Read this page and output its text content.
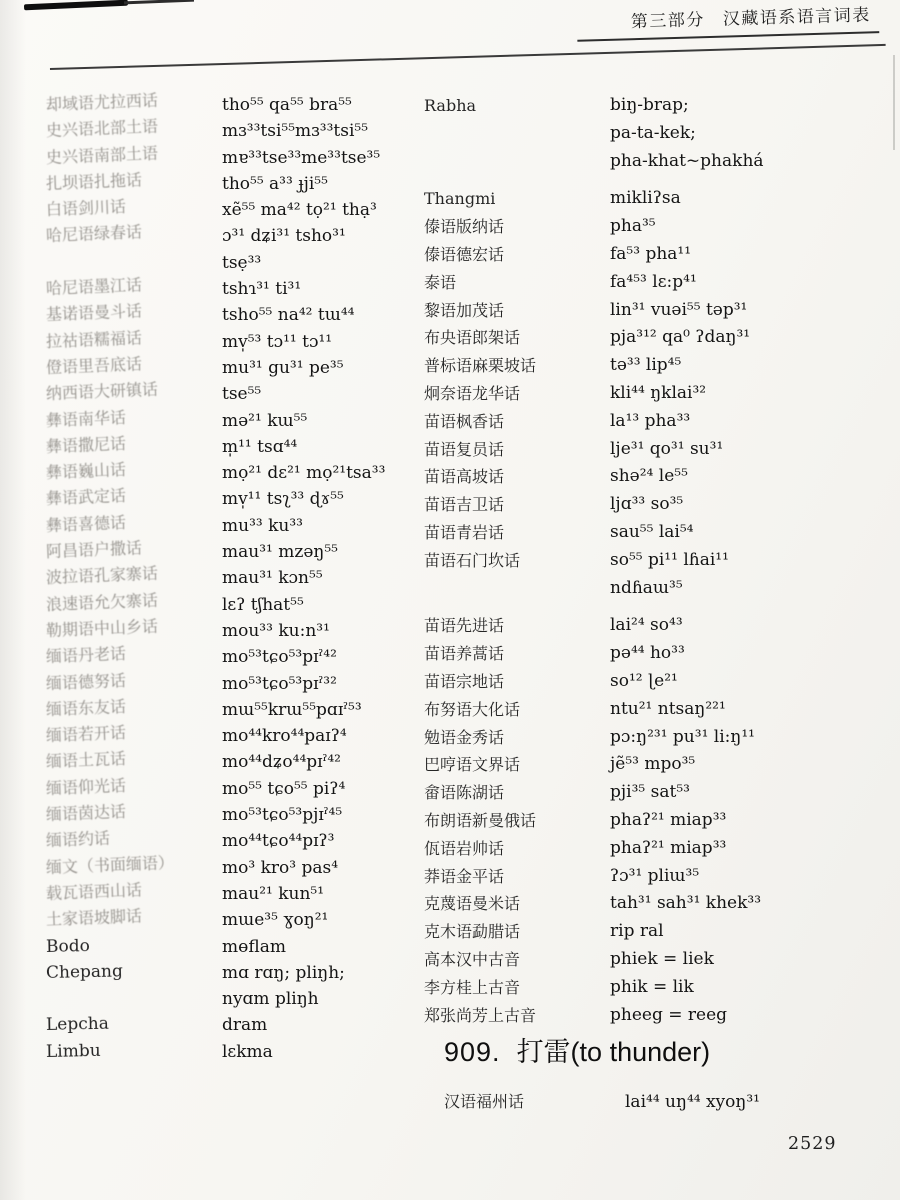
第三部分 汉藏语系语言词表
却域语尤拉西话	tho⁵⁵ qa⁵⁵ bra⁵⁵
史兴语北部土语	mɜ³³tsi⁵⁵mɜ³³tsi⁵⁵
史兴语南部土语	mɐ³³tse³³me³³tse³⁵
扎坝语扎拖话	tho⁵⁵ a³³ ɟji⁵⁵
白语剑川话	xẽ⁵⁵ ma⁴² tọ²¹ thạ³
哈尼语绿春话	ɔ³¹ dʑi³¹ tsho³¹
tsẹ³³
哈尼语墨江话	tshɿ³¹ ti³¹
基诺语曼斗话	tsho⁵⁵ na⁴² tɯ⁴⁴
拉祜语糯福话	mv̩⁵³ tɔ¹¹ tɔ¹¹
僜语里吾底话	mu³¹ gu³¹ pe³⁵
纳西语大研镇话	tse⁵⁵
彝语南华话	mə²¹ kɯ⁵⁵
彝语撒尼话	m̩¹¹ tsɑ⁴⁴
彝语巍山话	mọ²¹ dɛ²¹ mọ²¹tsa³³
彝语武定话	mv̩¹¹ tsʅ³³ ɖɤ⁵⁵
彝语喜德话	mu³³ ku³³
阿昌语户撒话	mau³¹ mzəŋ⁵⁵
波拉语孔家寨话	mau³¹ kɔn⁵⁵
浪速语允欠寨话	lɛʔ tʃhat⁵⁵
勒期语中山乡话	mou³³ ku:n³¹
缅语丹老话	mo⁵³tɕo⁵³pɪˀ⁴²
缅语德努话	mo⁵³tɕo⁵³pɪˀ³²
缅语东友话	mɯ⁵⁵krɯ⁵⁵pɑɪˀ⁵³
缅语若开话	mo⁴⁴kro⁴⁴paɪʔ⁴
缅语土瓦话	mo⁴⁴dʑo⁴⁴pɪˀ⁴²
缅语仰光话	mo⁵⁵ tɕo⁵⁵ piʔ⁴
缅语茵达话	mo⁵³tɕo⁵³pjɪˀ⁴⁵
缅语约话	mo⁴⁴tɕo⁴⁴pɪʔ³
缅文（书面缅语）	mo³ kro³ pas⁴
载瓦语西山话	mau²¹ kun⁵¹
土家语坡脚话	mɯe³⁵ ɣoŋ²¹
Bodo	mɵflam
Chepang	mɑ rɑŋ; pliŋh;
nyɑm pliŋh
Lepcha	dram
Limbu	lɛkma
Rabha	biŋ-brap;
pa-ta-kek;
pha-khat~phakhá
Thangmi	mikliʔsa
傣语版纳话	pha³⁵
傣语德宏话	fa⁵³ pha¹¹
泰语	fa⁴⁵³ lɛ:p⁴¹
黎语加茂话	lin³¹ vuəi⁵⁵ təp³¹
布央语郎架话	pja³¹² qa⁰ ʔdaŋ³¹
普标语麻栗坡话	tə³³ lip⁴⁵
炯奈语龙华话	kli⁴⁴ ŋklai³²
苗语枫香话	la¹³ pha³³
苗语复员话	lje³¹ qo³¹ su³¹
苗语高坡话	shə²⁴ le⁵⁵
苗语吉卫话	ljɑ³³ so³⁵
苗语青岩话	sau⁵⁵ lai⁵⁴
苗语石门坎话	so⁵⁵ pi¹¹ lɦai¹¹
ndɦaɯ³⁵
苗语先进话	lai²⁴ so⁴³
苗语养蒿话	pə⁴⁴ ho³³
苗语宗地话	so¹² ɭe²¹
布努语大化话	ntu²¹ ntsaŋ²²¹
勉语金秀话	pɔ:ŋ²³¹ pu³¹ li:ŋ¹¹
巴哼语文界话	jẽ⁵³ mpo³⁵
畲语陈湖话	pji³⁵ sat⁵³
布朗语新曼俄话	phaʔ²¹ miap³³
佤语岩帅话	phaʔ²¹ miap³³
莽语金平话	ʔɔ³¹ pliɯ³⁵
克蔑语曼米话	tah³¹ sah³¹ khek³³
克木语勐腊话	rip ral
高本汉中古音	phiek = liek
李方桂上古音	phik = lik
郑张尚芳上古音	pheeg = reeg
909. 打雷(to thunder)
汉语福州话	lai⁴⁴ uŋ⁴⁴ xyoŋ³¹
2529
